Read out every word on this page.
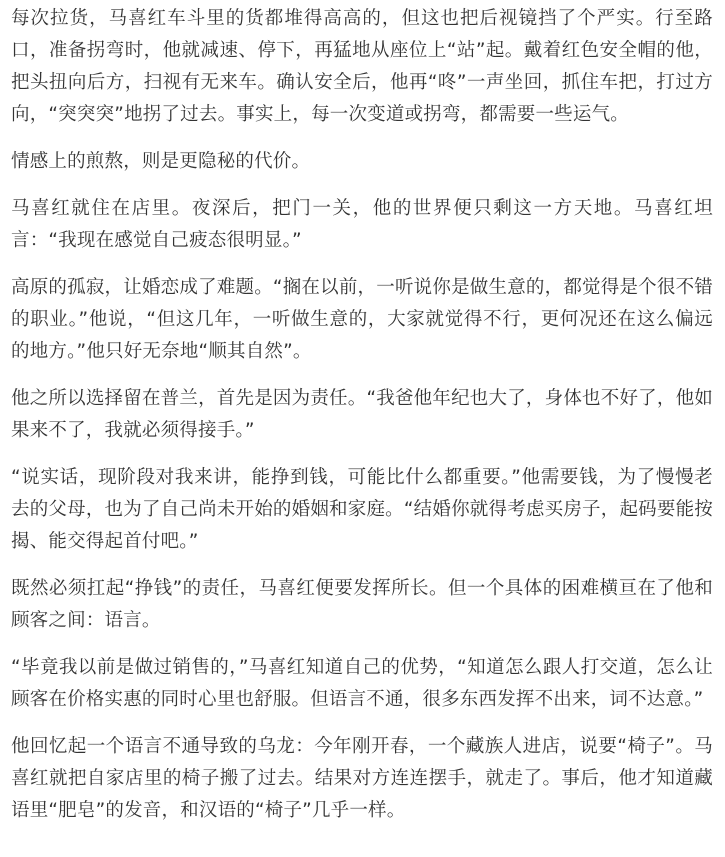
每次拉货，马喜红车斗里的货都堆得高高的，但这也把后视镜挡了个严实。行至路口，准备拐弯时，他就减速、停下，再猛地从座位上“站”起。戴着红色安全帽的他，把头扭向后方，扫视有无来车。确认安全后，他再“咚”一声坐回，抓住车把，打过方向，“突突突”地拐了过去。事实上，每一次变道或拐弯，都需要一些运气。

情感上的煎熬，则是更隐秘的代价。

马喜红就住在店里。夜深后，把门一关，他的世界便只剩这一方天地。马喜红坦言：“我现在感觉自己疲态很明显。”

高原的孤寂，让婚恋成了难题。“搁在以前，一听说你是做生意的，都觉得是个很不错的职业。”他说，“但这几年，一听做生意的，大家就觉得不行，更何况还在这么偏远的地方。”他只好无奈地“顺其自然”。

他之所以选择留在普兰，首先是因为责任。“我爸他年纪也大了，身体也不好了，他如果来不了，我就必须得接手。”

“说实话，现阶段对我来讲，能挣到钱，可能比什么都重要。”他需要钱，为了慢慢老去的父母，也为了自己尚未开始的婚姻和家庭。“结婚你就得考虑买房子，起码要能按揭、能交得起首付吧。”

既然必须扛起“挣钱”的责任，马喜红便要发挥所长。但一个具体的困难横亘在了他和顾客之间：语言。

“毕竟我以前是做过销售的，”马喜红知道自己的优势，“知道怎么跟人打交道，怎么让顾客在价格实惠的同时心里也舒服。但语言不通，很多东西发挥不出来，词不达意。”

他回忆起一个语言不通导致的乌龙：今年刚开春，一个藏族人进店，说要“椅子”。马喜红就把自家店里的椅子搬了过去。结果对方连连摆手，就走了。事后，他才知道藏语里“肥皂”的发音，和汉语的“椅子”几乎一样。
